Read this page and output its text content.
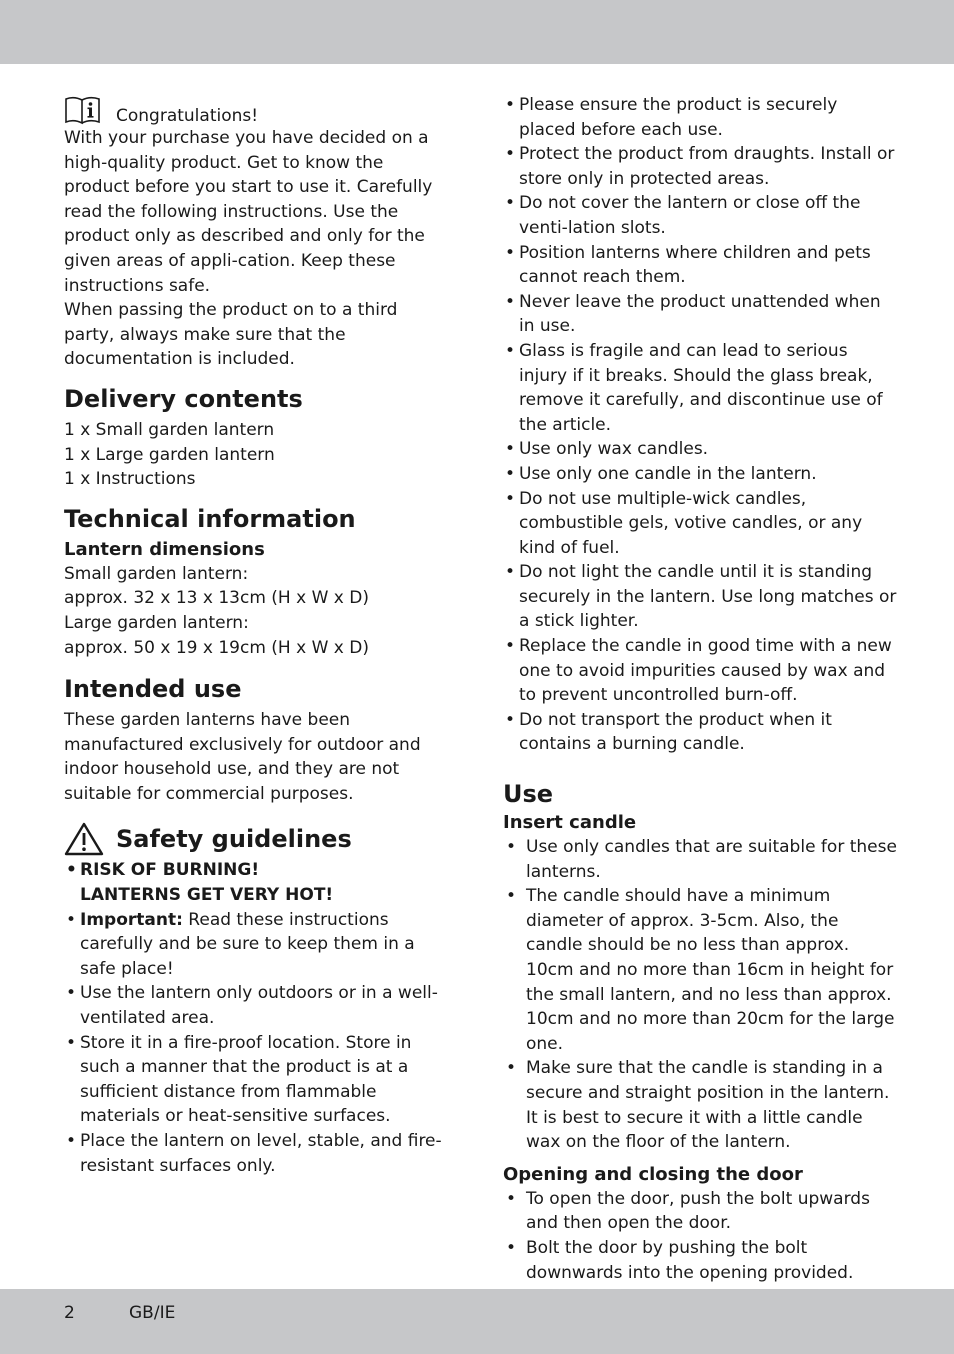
Congratulations!

With your purchase you have decided on a high-quality product. Get to know the product before you start to use it. Carefully read the following instructions. Use the product only as described and only for the given areas of appli-cation. Keep these instructions safe.

When passing the product on to a third party, always make sure that the documentation is included.

Delivery contents
1 x Small garden lantern
1 x Large garden lantern
1 x Instructions
Technical information
Lantern dimensions

Small garden lantern:

approx. 32 x 13 x 13cm (H x W x D)

Large garden lantern:

approx. 50 x 19 x 19cm (H x W x D)

Intended use

These garden lanterns have been manufactured exclusively for outdoor and indoor household use, and they are not suitable for commercial purposes.

Safety guidelines
• RISK OF BURNING!
LANTERNS GET VERY HOT!
• Important: Read these instructions carefully and be sure to keep them in a safe place!
• Use the lantern only outdoors or in a well-ventilated area.
• Store it in a fire-proof location. Store in such a manner that the product is at a sufficient distance from flammable materials or heat-sensitive surfaces.
• Place the lantern on level, stable, and fire-resistant surfaces only.
• Please ensure the product is securely placed before each use.
• Protect the product from draughts. Install or store only in protected areas.
• Do not cover the lantern or close off the venti-lation slots.
• Position lanterns where children and pets cannot reach them.
• Never leave the product unattended when in use.
• Glass is fragile and can lead to serious injury if it breaks. Should the glass break, remove it carefully, and discontinue use of the article.
• Use only wax candles.
• Use only one candle in the lantern.
• Do not use multiple-wick candles, combustible gels, votive candles, or any kind of fuel.
• Do not light the candle until it is standing securely in the lantern. Use long matches or a stick lighter.
• Replace the candle in good time with a new one to avoid impurities caused by wax and to prevent uncontrolled burn-off.
• Do not transport the product when it contains a burning candle.
Use
Insert candle
• Use only candles that are suitable for these lanterns.
• The candle should have a minimum diameter of approx. 3-5cm. Also, the candle should be no less than approx. 10cm and no more than 16cm in height for the small lantern, and no less than approx. 10cm and no more than 20cm for the large one.
• Make sure that the candle is standing in a secure and straight position in the lantern. It is best to secure it with a little candle wax on the floor of the lantern.
Opening and closing the door
• To open the door, push the bolt upwards and then open the door.
• Bolt the door by pushing the bolt downwards into the opening provided.
2	GB/IE
